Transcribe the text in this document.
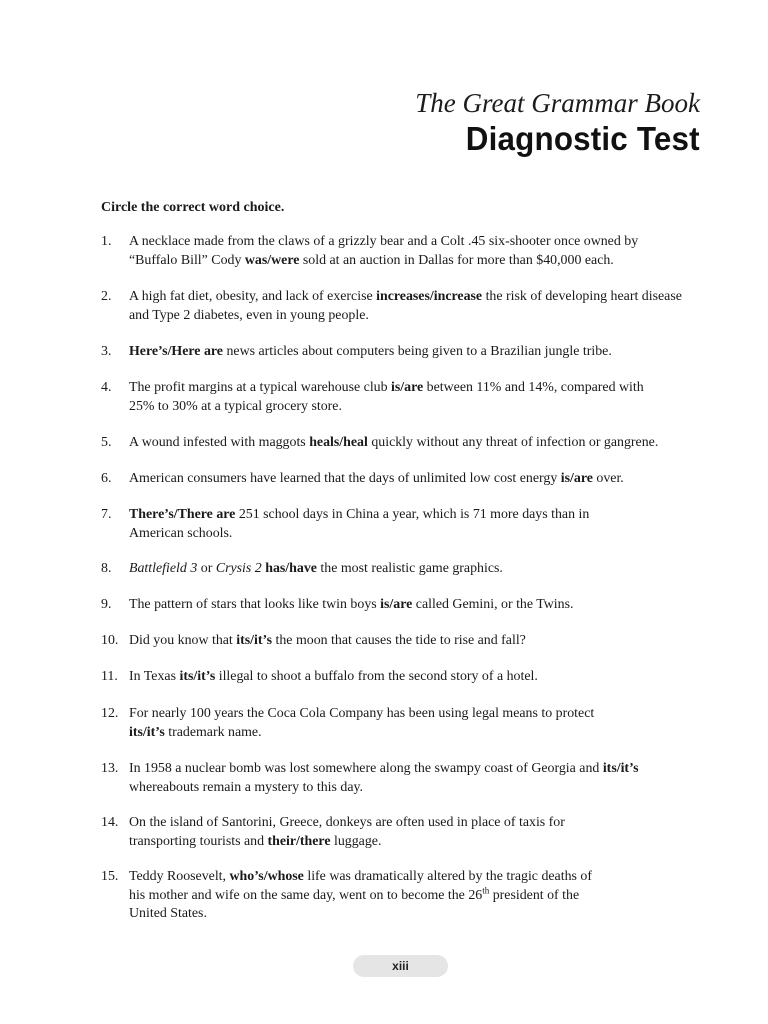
The Great Grammar Book
Diagnostic Test
Circle the correct word choice.
1.	A necklace made from the claws of a grizzly bear and a Colt .45 six-shooter once owned by
“Buffalo Bill” Cody was/were sold at an auction in Dallas for more than $40,000 each.
2.	A high fat diet, obesity, and lack of exercise increases/increase the risk of developing heart disease
and Type 2 diabetes, even in young people.
3.	Here’s/Here are news articles about computers being given to a Brazilian jungle tribe.
4.	The profit margins at a typical warehouse club is/are between 11% and 14%, compared with
25% to 30% at a typical grocery store.
5.	A wound infested with maggots heals/heal quickly without any threat of infection or gangrene.
6.	American consumers have learned that the days of unlimited low cost energy is/are over.
7.	There’s/There are 251 school days in China a year, which is 71 more days than in
American schools.
8.	Battlefield 3 or Crysis 2 has/have the most realistic game graphics.
9.	The pattern of stars that looks like twin boys is/are called Gemini, or the Twins.
10. Did you know that its/it’s the moon that causes the tide to rise and fall?
11. In Texas its/it’s illegal to shoot a buffalo from the second story of a hotel.
12. For nearly 100 years the Coca Cola Company has been using legal means to protect
its/it’s trademark name.
13. In 1958 a nuclear bomb was lost somewhere along the swampy coast of Georgia and its/it’s
whereabouts remain a mystery to this day.
14. On the island of Santorini, Greece, donkeys are often used in place of taxis for
transporting tourists and their/there luggage.
15. Teddy Roosevelt, who’s/whose life was dramatically altered by the tragic deaths of
his mother and wife on the same day, went on to become the 26th president of the
United States.
xiii
